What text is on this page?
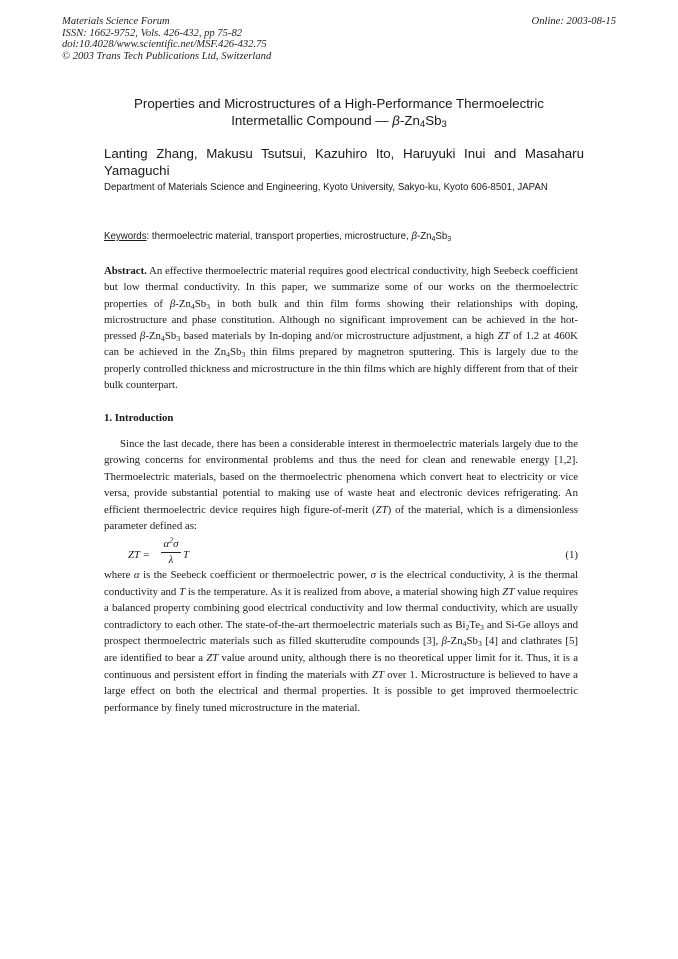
Materials Science Forum
ISSN: 1662-9752, Vols. 426-432, pp 75-82
doi:10.4028/www.scientific.net/MSF.426-432.75
© 2003 Trans Tech Publications Ltd, Switzerland
Online: 2003-08-15
Properties and Microstructures of a High-Performance Thermoelectric
Intermetallic Compound — $\beta-Zn_4Sb_3$
Lanting Zhang, Makusu Tsutsui, Kazuhiro Ito, Haruyuki Inui and Masaharu Yamaguchi
Department of Materials Science and Engineering, Kyoto University, Sakyo-ku, Kyoto 606-8501, JAPAN
Keywords: thermoelectric material, transport properties, microstructure, $\beta-Zn_4Sb_3$
Abstract. An effective thermoelectric material requires good electrical conductivity, high Seebeck coefficient but low thermal conductivity. In this paper, we summarize some of our works on the thermoelectric properties of $\beta-Zn_4Sb_3$ in both bulk and thin film forms showing their relationships with doping, microstructure and phase constitution. Although no significant improvement can be achieved in the hot-pressed $\beta-Zn_4Sb_3$ based materials by In-doping and/or microstructure adjustment, a high ZT of 1.2 at 460K can be achieved in the $Zn_4Sb_3$ thin films prepared by magnetron sputtering. This is largely due to the properly controlled thickness and microstructure in the thin films which are highly different from that of their bulk counterpart.
1. Introduction
Since the last decade, there has been a considerable interest in thermoelectric materials largely due to the growing concerns for environmental problems and thus the need for clean and renewable energy [1,2]. Thermoelectric materials, based on the thermoelectric phenomena which convert heat to electricity or vice versa, provide substantial potential to making use of waste heat and electronic devices refrigerating. An efficient thermoelectric device requires high figure-of-merit (ZT) of the material, which is a dimensionless parameter defined as:
ZT =
$\alpha^2\sigma$
λ T	(1)
where α is the Seebeck coefficient or thermoelectric power, σ is the electrical conductivity, λ is the thermal conductivity and T is the temperature. As it is realized from above, a material showing high ZT value requires a balanced property combining good electrical conductivity and low thermal conductivity, which are usually contradictory to each other. The state-of-the-art thermoelectric materials such as $Bi_2Te_3$ and Si-Ge alloys and prospect thermoelectric materials such as filled skutterudite compounds [3], $\beta-Zn_4Sb_3$ [4] and clathrates [5] are identified to bear a ZT value around unity, although there is no theoretical upper limit for it. Thus, it is a continuous and persistent effort in finding the materials with ZT over 1. Microstructure is believed to have a large effect on both the electrical and thermal properties. It is possible to get improved thermoelectric performance by finely tuned microstructure in the material.
